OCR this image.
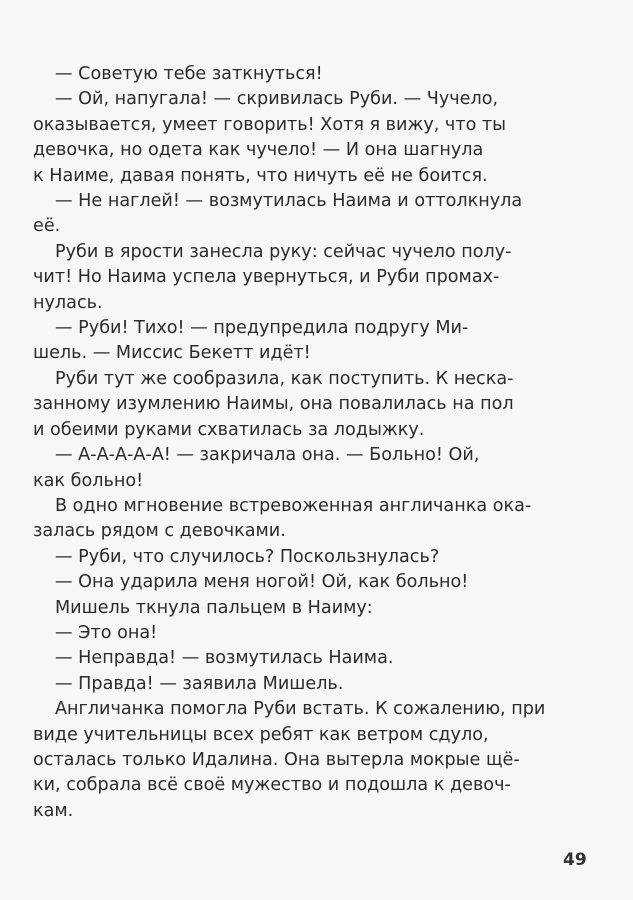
— Советую тебе заткнуться!

— Ой, напугала! — скривилась Руби. — Чучело,
оказывается, умеет говорить! Хотя я вижу, что ты
девочка, но одета как чучело! — И она шагнула
к Наиме, давая понять, что ничуть её не боится.

— Не наглей! — возмутилась Наима и оттолкнула
её.

Руби в ярости занесла руку: сейчас чучело полу-
чит! Но Наима успела увернуться, и Руби промах-
нулась.

— Руби! Тихо! — предупредила подругу Ми-
шель. — Миссис Бекетт идёт!

Руби тут же сообразила, как поступить. К неска-
занному изумлению Наимы, она повалилась на пол
и обеими руками схватилась за лодыжку.

— А-А-А-А-А! — закричала она. — Больно! Ой,
как больно!

В одно мгновение встревоженная англичанка ока-
залась рядом с девочками.

— Руби, что случилось? Поскользнулась?

— Она ударила меня ногой! Ой, как больно!

Мишель ткнула пальцем в Наиму:

— Это она!

— Неправда! — возмутилась Наима.

— Правда! — заявила Мишель.

Англичанка помогла Руби встать. К сожалению, при
виде учительницы всех ребят как ветром сдуло,
осталась только Идалина. Она вытерла мокрые щё-
ки, собрала всё своё мужество и подошла к девоч-
кам.

49
